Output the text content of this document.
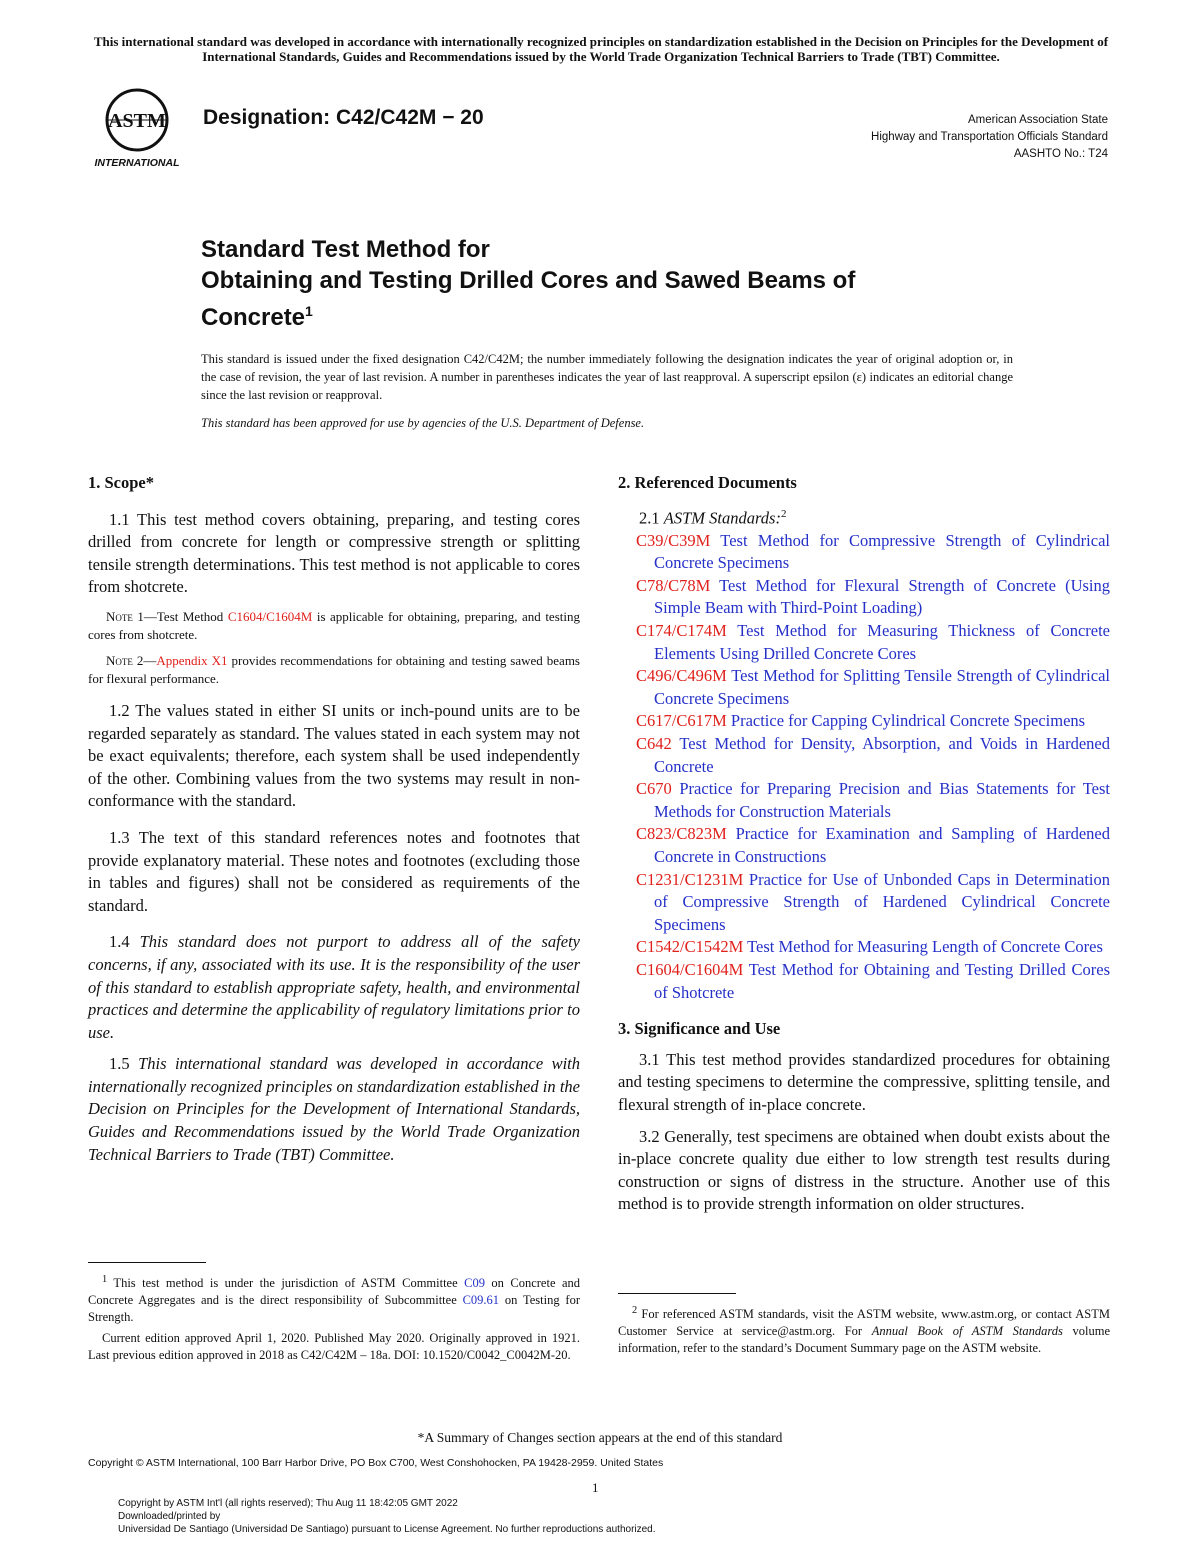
This international standard was developed in accordance with internationally recognized principles on standardization established in the Decision on Principles for the Development of International Standards, Guides and Recommendations issued by the World Trade Organization Technical Barriers to Trade (TBT) Committee.
ASTM
INTERNATIONAL
Designation: C42/C42M − 20	American Association State
Highway and Transportation Officials Standard
AASHTO No.: T24
Standard Test Method for
Obtaining and Testing Drilled Cores and Sawed Beams of
Concrete$^1$
This standard is issued under the fixed designation C42/C42M; the number immediately following the designation indicates the year of original adoption or, in the case of revision, the year of last revision. A number in parentheses indicates the year of last reapproval. A superscript epsilon (ε) indicates an editorial change since the last revision or reapproval.
This standard has been approved for use by agencies of the U.S. Department of Defense.
1. Scope*

1.1 This test method covers obtaining, preparing, and testing cores drilled from concrete for length or compressive strength or splitting tensile strength determinations. This test method is not applicable to cores from shotcrete.

Note 1—Test Method C1604/C1604M is applicable for obtaining, preparing, and testing cores from shotcrete.

Note 2—Appendix X1 provides recommendations for obtaining and testing sawed beams for flexural performance.

1.2 The values stated in either SI units or inch-pound units are to be regarded separately as standard. The values stated in each system may not be exact equivalents; therefore, each system shall be used independently of the other. Combining values from the two systems may result in non-conformance with the standard.

1.3 The text of this standard references notes and footnotes that provide explanatory material. These notes and footnotes (excluding those in tables and figures) shall not be considered as requirements of the standard.

1.4 This standard does not purport to address all of the safety concerns, if any, associated with its use. It is the responsibility of the user of this standard to establish appropriate safety, health, and environmental practices and determine the applicability of regulatory limitations prior to use.

1.5 This international standard was developed in accordance with internationally recognized principles on standardization established in the Decision on Principles for the Development of International Standards, Guides and Recommendations issued by the World Trade Organization Technical Barriers to Trade (TBT) Committee.

2. Referenced Documents

2.1 ASTM Standards:$^2$

C39/C39M Test Method for Compressive Strength of Cylindrical Concrete Specimens

C78/C78M Test Method for Flexural Strength of Concrete (Using Simple Beam with Third-Point Loading)

C174/C174M Test Method for Measuring Thickness of Concrete Elements Using Drilled Concrete Cores

C496/C496M Test Method for Splitting Tensile Strength of Cylindrical Concrete Specimens

C617/C617M Practice for Capping Cylindrical Concrete Specimens

C642 Test Method for Density, Absorption, and Voids in Hardened Concrete

C670 Practice for Preparing Precision and Bias Statements for Test Methods for Construction Materials

C823/C823M Practice for Examination and Sampling of Hardened Concrete in Constructions

C1231/C1231M Practice for Use of Unbonded Caps in Determination of Compressive Strength of Hardened Cylindrical Concrete Specimens

C1542/C1542M Test Method for Measuring Length of Concrete Cores

C1604/C1604M Test Method for Obtaining and Testing Drilled Cores of Shotcrete

3. Significance and Use

3.1 This test method provides standardized procedures for obtaining and testing specimens to determine the compressive, splitting tensile, and flexural strength of in-place concrete.

3.2 Generally, test specimens are obtained when doubt exists about the in-place concrete quality due either to low strength test results during construction or signs of distress in the structure. Another use of this method is to provide strength information on older structures.

$^1$ This test method is under the jurisdiction of ASTM Committee C09 on Concrete and Concrete Aggregates and is the direct responsibility of Subcommittee C09.61 on Testing for Strength.

Current edition approved April 1, 2020. Published May 2020. Originally approved in 1921. Last previous edition approved in 2018 as C42/C42M – 18a. DOI: 10.1520/C0042_C0042M-20.

$^2$ For referenced ASTM standards, visit the ASTM website, www.astm.org, or contact ASTM Customer Service at service@astm.org. For Annual Book of ASTM Standards volume information, refer to the standard’s Document Summary page on the ASTM website.

*A Summary of Changes section appears at the end of this standard
Copyright © ASTM International, 100 Barr Harbor Drive, PO Box C700, West Conshohocken, PA 19428-2959. United States
1
Copyright by ASTM Int'l (all rights reserved); Thu Aug 11 18:42:05 GMT 2022
Downloaded/printed by
Universidad De Santiago (Universidad De Santiago) pursuant to License Agreement. No further reproductions authorized.
